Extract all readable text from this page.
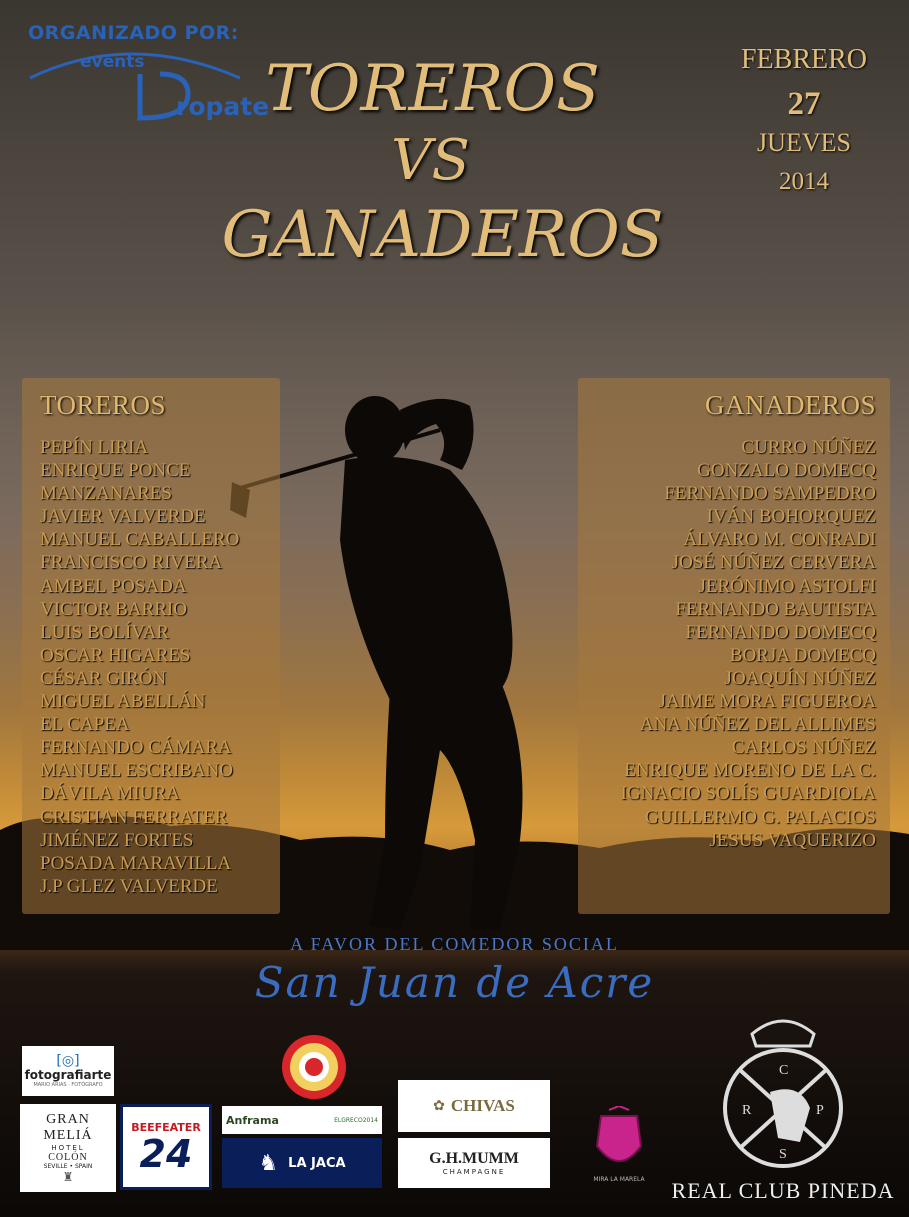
ORGANIZADO POR:
events
ropate
TOREROS
VS
GANADEROS
FEBRERO
27
JUEVES
2014
TOREROS
PEPÍN LIRIA
ENRIQUE PONCE
MANZANARES
JAVIER VALVERDE
MANUEL CABALLERO
FRANCISCO RIVERA
AMBEL POSADA
VICTOR BARRIO
LUIS BOLÍVAR
OSCAR HIGARES
CÉSAR GIRÓN
MIGUEL ABELLÁN
EL CAPEA
FERNANDO CÁMARA
MANUEL ESCRIBANO
DÁVILA MIURA
CRISTIAN FERRATER
JIMÉNEZ FORTES
POSADA MARAVILLA
J.P GLEZ VALVERDE
GANADEROS
CURRO NÚÑEZ
GONZALO DOMECQ
FERNANDO SAMPEDRO
IVÁN BOHORQUEZ
ÁLVARO M. CONRADI
JOSÉ NÚÑEZ CERVERA
JERÓNIMO ASTOLFI
FERNANDO BAUTISTA
FERNANDO DOMECQ
BORJA DOMECQ
JOAQUÍN NÚÑEZ
JAIME MORA FIGUEROA
ANA NÚÑEZ DEL ALLIMES
CARLOS NÚÑEZ
ENRIQUE MORENO DE LA C.
IGNACIO SOLÍS GUARDIOLA
GUILLERMO G. PALACIOS
JESUS VAQUERIZO
A FAVOR DEL COMEDOR SOCIAL
San Juan de Acre
[◎]
fotografiarte
MARIO ARIAS · FOTÓGRAFO
GRAN MELIÁ
HOTEL
COLÓN
SEVILLE • SPAIN
♜
BEEFEATER
24
Anframa	ELGRECO2014
♞ LA JACA
✿ CHIVAS
G.H.MUMM
CHAMPAGNE
MIRA LA MARELA
C
R	P
S
REAL CLUB PINEDA
